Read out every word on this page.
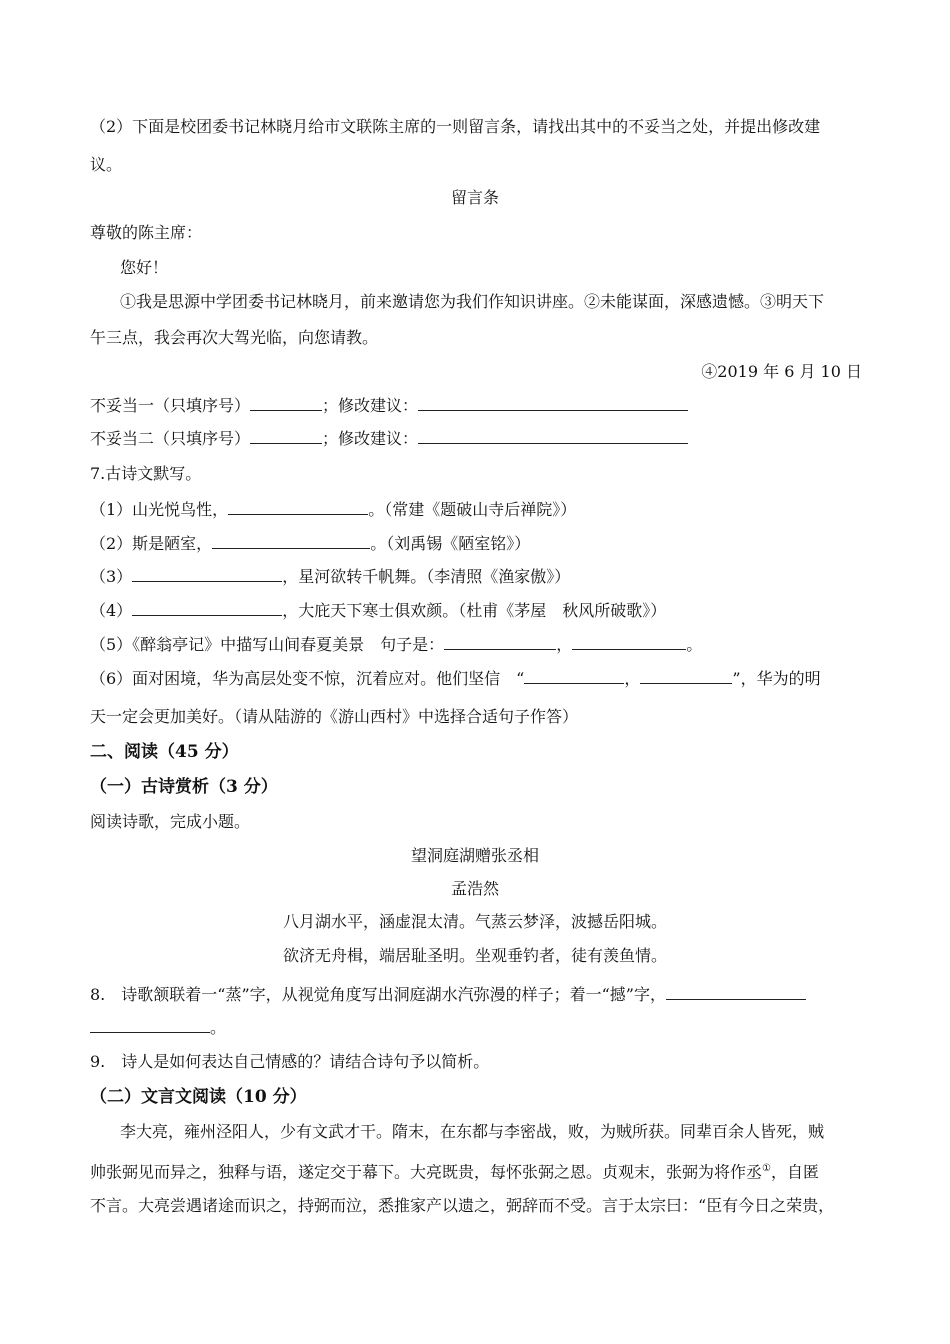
（2）下面是校团委书记林晓月给市文联陈主席的一则留言条，请找出其中的不妥当之处，并提出修改建
议。
留言条
尊敬的陈主席：
您好！
①我是思源中学团委书记林晓月，前来邀请您为我们作知识讲座。②未能谋面，深感遗憾。③明天下
午三点，我会再次大驾光临，向您请教。
④2019 年 6 月 10 日
不妥当一（只填序号）	；修改建议：
不妥当二（只填序号）	；修改建议：
7.古诗文默写。
（1）山光悦鸟性，	。（常建《题破山寺后禅院》）
（2）斯是陋室，	。（刘禹锡《陋室铭》）
（3）	，星河欲转千帆舞。（李清照《渔家傲》）
（4）	，大庇天下寒士俱欢颜。（杜甫《茅屋　秋风所破歌》）
（5）《醉翁亭记》中描写山间春夏美景　句子是：	，	。
（6）面对困境，华为高层处变不惊，沉着应对。他们坚信　“	，	”，华为的明
天一定会更加美好。（请从陆游的《游山西村》中选择合适句子作答）
二、阅读（45 分）
（一）古诗赏析（3 分）
阅读诗歌，完成小题。
望洞庭湖赠张丞相
孟浩然
八月湖水平，涵虚混太清。气蒸云梦泽，波撼岳阳城。
欲济无舟楫，端居耻圣明。坐观垂钓者，徒有羡鱼情。
8.　诗歌颔联着一“蒸”字，从视觉角度写出洞庭湖水汽弥漫的样子；着一“撼”字，
。
9.　诗人是如何表达自己情感的？请结合诗句予以简析。
（二）文言文阅读（10 分）
李大亮，雍州泾阳人，少有文武才干。隋末，在东都与李密战，败，为贼所获。同辈百余人皆死，贼
帅张弼见而异之，独释与语，遂定交于幕下。大亮既贵，每怀张弼之恩。贞观末，张弼为将作丞①，自匿
不言。大亮尝遇诸途而识之，持弼而泣，悉推家产以遗之，弼辞而不受。言于太宗曰：“臣有今日之荣贵，
